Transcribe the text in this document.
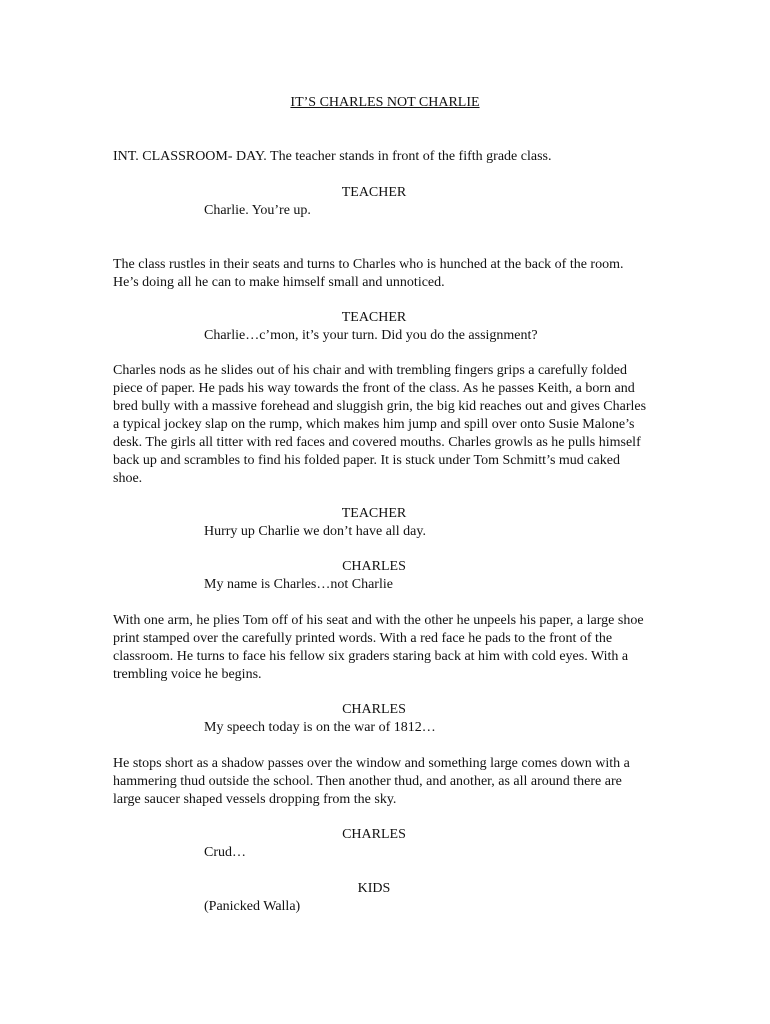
IT’S CHARLES NOT CHARLIE

INT. CLASSROOM- DAY. The teacher stands in front of the fifth grade class.

TEACHER

Charlie. You’re up.

The class rustles in their seats and turns to Charles who is hunched at the back of the room. He’s doing all he can to make himself small and unnoticed.

TEACHER

Charlie…c’mon, it’s your turn. Did you do the assignment?

Charles nods as he slides out of his chair and with trembling fingers grips a carefully folded piece of paper. He pads his way towards the front of the class. As he passes Keith, a born and bred bully with a massive forehead and sluggish grin, the big kid reaches out and gives Charles a typical jockey slap on the rump, which makes him jump and spill over onto Susie Malone’s desk. The girls all titter with red faces and covered mouths. Charles growls as he pulls himself back up and scrambles to find his folded paper. It is stuck under Tom Schmitt’s mud caked shoe.

TEACHER

Hurry up Charlie we don’t have all day.

CHARLES

My name is Charles…not Charlie

With one arm, he plies Tom off of his seat and with the other he unpeels his paper, a large shoe print stamped over the carefully printed words. With a red face he pads to the front of the classroom. He turns to face his fellow six graders staring back at him with cold eyes. With a trembling voice he begins.

CHARLES

My speech today is on the war of 1812…

He stops short as a shadow passes over the window and something large comes down with a hammering thud outside the school. Then another thud, and another, as all around there are large saucer shaped vessels dropping from the sky.

CHARLES

Crud…

KIDS

(Panicked Walla)
